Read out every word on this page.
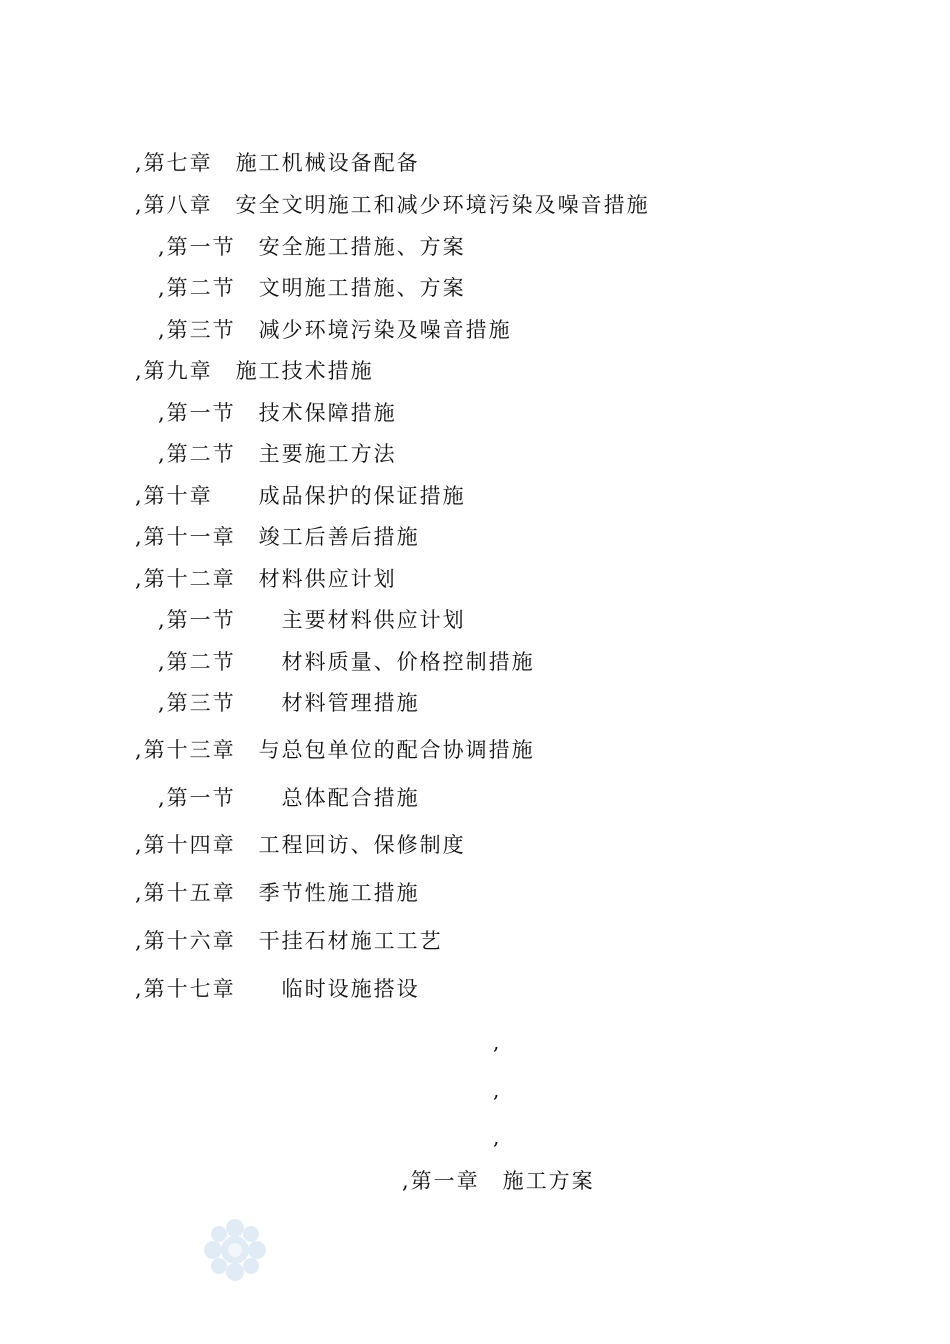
,第七章　施工机械设备配备
,第八章　安全文明施工和减少环境污染及噪音措施
,第一节　安全施工措施、方案
,第二节　文明施工措施、方案
,第三节　减少环境污染及噪音措施
,第九章　施工技术措施
,第一节　技术保障措施
,第二节　主要施工方法
,第十章　　成品保护的保证措施
,第十一章　竣工后善后措施
,第十二章　材料供应计划
,第一节　　主要材料供应计划
,第二节　　材料质量、价格控制措施
,第三节　　材料管理措施
,第十三章　与总包单位的配合协调措施
,第一节　　总体配合措施
,第十四章　工程回访、保修制度
,第十五章　季节性施工措施
,第十六章　干挂石材施工工艺
,第十七章　　临时设施搭设
,
,
,
,第一章　施工方案
